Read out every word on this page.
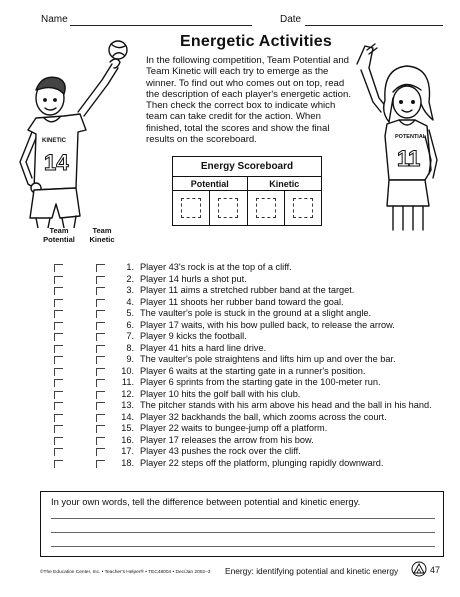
Name	Date
Energetic Activities
In the following competition, Team Potential and Team Kinetic will each try to emerge as the winner. To find out who comes out on top, read the description of each player's energetic action. Then check the correct box to indicate which team can take credit for the action. When finished, total the scores and show the final results on the scoreboard.
KINETIC
14
POTENTIAL
11
Energy Scoreboard
Potential	Kinetic
Team Potential
Team Kinetic
1. Player 43's rock is at the top of a cliff.
2. Player 14 hurls a shot put.
3. Player 11 aims a stretched rubber band at the target.
4. Player 11 shoots her rubber band toward the goal.
5. The vaulter's pole is stuck in the ground at a slight angle.
6. Player 17 waits, with his bow pulled back, to release the arrow.
7. Player 9 kicks the football.
8. Player 41 hits a hard line drive.
9. The vaulter's pole straightens and lifts him up and over the bar.
10. Player 6 waits at the starting gate in a runner's position.
11. Player 6 sprints from the starting gate in the 100-meter run.
12. Player 10 hits the golf ball with his club.
13. The pitcher stands with his arm above his head and the ball in his hand.
14. Player 32 backhands the ball, which zooms across the court.
15. Player 22 waits to bungee-jump off a platform.
16. Player 17 releases the arrow from his bow.
17. Player 43 pushes the rock over the cliff.
18. Player 22 steps off the platform, plunging rapidly downward.
In your own words, tell the difference between potential and kinetic energy.
©The Education Center, Inc. • Teacher's Helper® • TEC48004 • Dec/Jan 2002–3 Energy: identifying potential and kinetic energy	47
